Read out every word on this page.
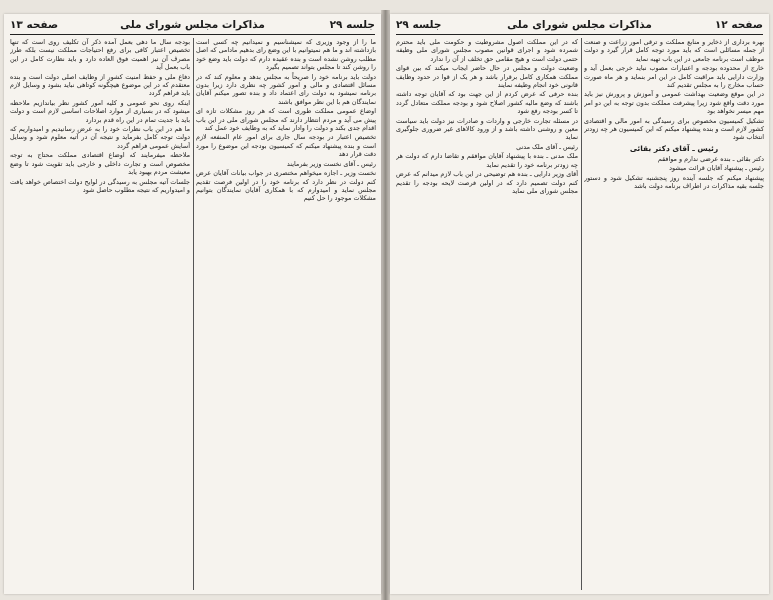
جلسه ۲۹
مذاکرات مجلس شورای ملی
صفحه ۱۳

ما را از وجود وزیری که نمیشناسیم و نمیدانیم چه کسی است بازداشته اند و ما هم نمیتوانیم با این وضع رای بدهیم مادامی که اصل مطلب روشن نشده است و بنده عقیده دارم که دولت باید وضع خود را روشن کند تا مجلس بتواند تصمیم بگیرد

دولت باید برنامه خود را صریحاً به مجلس بدهد و معلوم کند که در مسائل اقتصادی و مالی و امور کشور چه نظری دارد زیرا بدون برنامه نمیشود به دولت رای اعتماد داد و بنده تصور میکنم آقایان نمایندگان هم با این نظر موافق باشند

اوضاع عمومی مملکت طوری است که هر روز مشکلات تازه ای پیش می آید و مردم انتظار دارند که مجلس شورای ملی در این باب اقدام جدی بکند و دولت را وادار نماید که به وظایف خود عمل کند

تخصیص اعتبار در بودجه سال جاری برای امور عام المنفعه لازم است و بنده پیشنهاد میکنم که کمیسیون بودجه این موضوع را مورد دقت قرار دهد

رئیس ـ آقای نخست وزیر بفرمایند

نخست وزیر ـ اجازه میخواهم مختصری در جواب بیانات آقایان عرض کنم دولت در نظر دارد که برنامه خود را در اولین فرصت تقدیم مجلس نماید و امیدوارم که با همکاری آقایان نمایندگان بتوانیم مشکلات موجود را حل کنیم

بودجه سال ما دهی بعمل آمده ذکر آن تکلیف روی است که تنها تخصیص اعتبار کافی برای رفع احتیاجات مملکت نیست بلکه طرز مصرف آن نیز اهمیت فوق العاده دارد و باید نظارت کامل در این باب بعمل آید

دفاع ملی و حفظ امنیت کشور از وظایف اصلی دولت است و بنده معتقدم که در این موضوع هیچگونه کوتاهی نباید بشود و وسایل لازم باید فراهم گردد

اینکه روی نحو عمومی و کلیه امور کشور نظر بیاندازیم ملاحظه میشود که در بسیاری از موارد اصلاحات اساسی لازم است و دولت باید با جدیت تمام در این راه قدم بردارد

ما هم در این باب نظرات خود را به عرض رسانیدیم و امیدواریم که دولت توجه کامل بفرماید و نتیجه آن در آتیه معلوم شود و وسایل آسایش عمومی فراهم گردد

ملاحظه میفرمایند که اوضاع اقتصادی مملکت محتاج به توجه مخصوص است و تجارت داخلی و خارجی باید تقویت شود تا وضع معیشت مردم بهبود یابد

جلسات آتیه مجلس به رسیدگی در لوایح دولت اختصاص خواهد یافت و امیدواریم که نتیجه مطلوب حاصل شود

صفحه ۱۲
مذاکرات مجلس شورای ملی
جلسه ۲۹

بهره برداری از ذخایر و منابع مملکت و ترقی امور زراعت و صنعت از جمله مسائلی است که باید مورد توجه کامل قرار گیرد و دولت موظف است برنامه جامعی در این باب تهیه نماید

خارج از محدوده بودجه و اعتبارات مصوب نباید خرجی بعمل آید و وزارت دارایی باید مراقبت کامل در این امر بنماید و هر ماه صورت حساب مخارج را به مجلس تقدیم کند

در این موقع وضعیت بهداشت عمومی و آموزش و پرورش نیز باید مورد دقت واقع شود زیرا پیشرفت مملکت بدون توجه به این دو امر مهم میسر نخواهد بود

تشکیل کمیسیون مخصوص برای رسیدگی به امور مالی و اقتصادی کشور لازم است و بنده پیشنهاد میکنم که این کمیسیون هر چه زودتر انتخاب شود

رئیس ـ آقای دکتر بقائی

دکتر بقائی ـ بنده عرضی ندارم و موافقم

رئیس ـ پیشنهاد آقایان قرائت میشود

پیشنهاد میکنم که جلسه آینده روز پنجشنبه تشکیل شود و دستور جلسه بقیه مذاکرات در اطراف برنامه دولت باشد

که در این مملکت اصول مشروطیت و حکومت ملی باید محترم شمرده شود و اجرای قوانین مصوب مجلس شورای ملی وظیفه حتمی دولت است و هیچ مقامی حق تخلف از آن را ندارد

وضعیت دولت و مجلس در حال حاضر ایجاب میکند که بین قوای مملکت همکاری کامل برقرار باشد و هر یک از قوا در حدود وظایف قانونی خود انجام وظیفه نمایند

بنده حرفی که عرض کردم از این جهت بود که آقایان توجه داشته باشند که وضع مالیه کشور اصلاح شود و بودجه مملکت متعادل گردد تا کسر بودجه رفع شود

در مسئله تجارت خارجی و واردات و صادرات نیز دولت باید سیاست معین و روشنی داشته باشد و از ورود کالاهای غیر ضروری جلوگیری نماید

رئیس ـ آقای ملک مدنی

ملک مدنی ـ بنده با پیشنهاد آقایان موافقم و تقاضا دارم که دولت هر چه زودتر برنامه خود را تقدیم نماید

آقای وزیر دارایی ـ بنده هم توضیحی در این باب لازم میدانم که عرض کنم دولت تصمیم دارد که در اولین فرصت لایحه بودجه را تقدیم مجلس شورای ملی نماید
